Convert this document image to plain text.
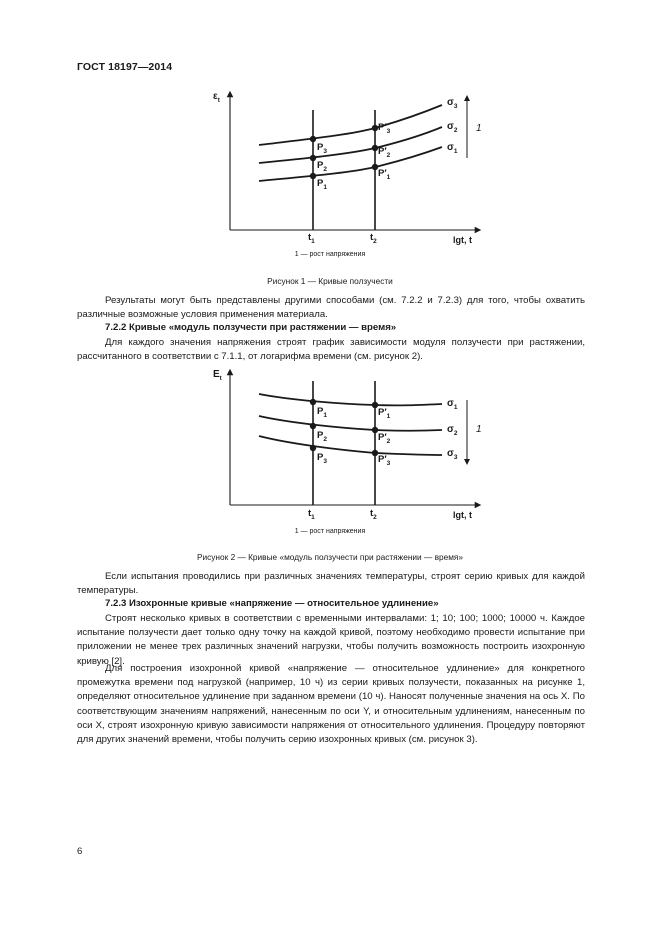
ГОСТ 18197—2014
1
$\varepsilon_t$
lgt, t
$t_1$	$t_2$
$\sigma_3$
$\sigma_2$
$\sigma_1$
$P_3$
$P_2$
$P_1$
$P'_3$
$P'_2$
$P'_1$
1 — рост напряжения
Рисунок 1 — Кривые ползучести
Результаты могут быть представлены другими способами (см. 7.2.2 и 7.2.3) для того, чтобы охватить различные возможные условия применения материала.
7.2.2 Кривые «модуль ползучести при растяжении — время»
Для каждого значения напряжения строят график зависимости модуля ползучести при растяжении, рассчитанного в соответствии с 7.1.1, от логарифма времени (см. рисунок 2).
1
$E_t$
lgt, t
$t_1$	$t_2$
$\sigma_1$
$\sigma_2$
$\sigma_3$
$P_1$
$P_2$
$P_3$
$P'_1$
$P'_2$
$P'_3$
1 — рост напряжения
Рисунок 2 — Кривые «модуль ползучести при растяжении — время»
Если испытания проводились при различных значениях температуры, строят серию кривых для каждой температуры.
7.2.3 Изохронные кривые «напряжение — относительное удлинение»
Строят несколько кривых в соответствии с временными интервалами: 1; 10; 100; 1000; 10000 ч. Каждое испытание ползучести дает только одну точку на каждой кривой, поэтому необходимо провести испытание при приложении не менее трех различных значений нагрузки, чтобы получить возможность построить изохронную кривую [2].
Для построения изохронной кривой «напряжение — относительное удлинение» для конкретного промежутка времени под нагрузкой (например, 10 ч) из серии кривых ползучести, показанных на рисунке 1, определяют относительное удлинение при заданном времени (10 ч). Наносят полученные значения на ось X. По соответствующим значениям напряжений, нанесенным по оси Y, и относительным удлинениям, нанесенным по оси X, строят изохронную кривую зависимости напряжения от относительного удлинения. Процедуру повторяют для других значений времени, чтобы получить серию изохронных кривых (см. рисунок 3).
6
